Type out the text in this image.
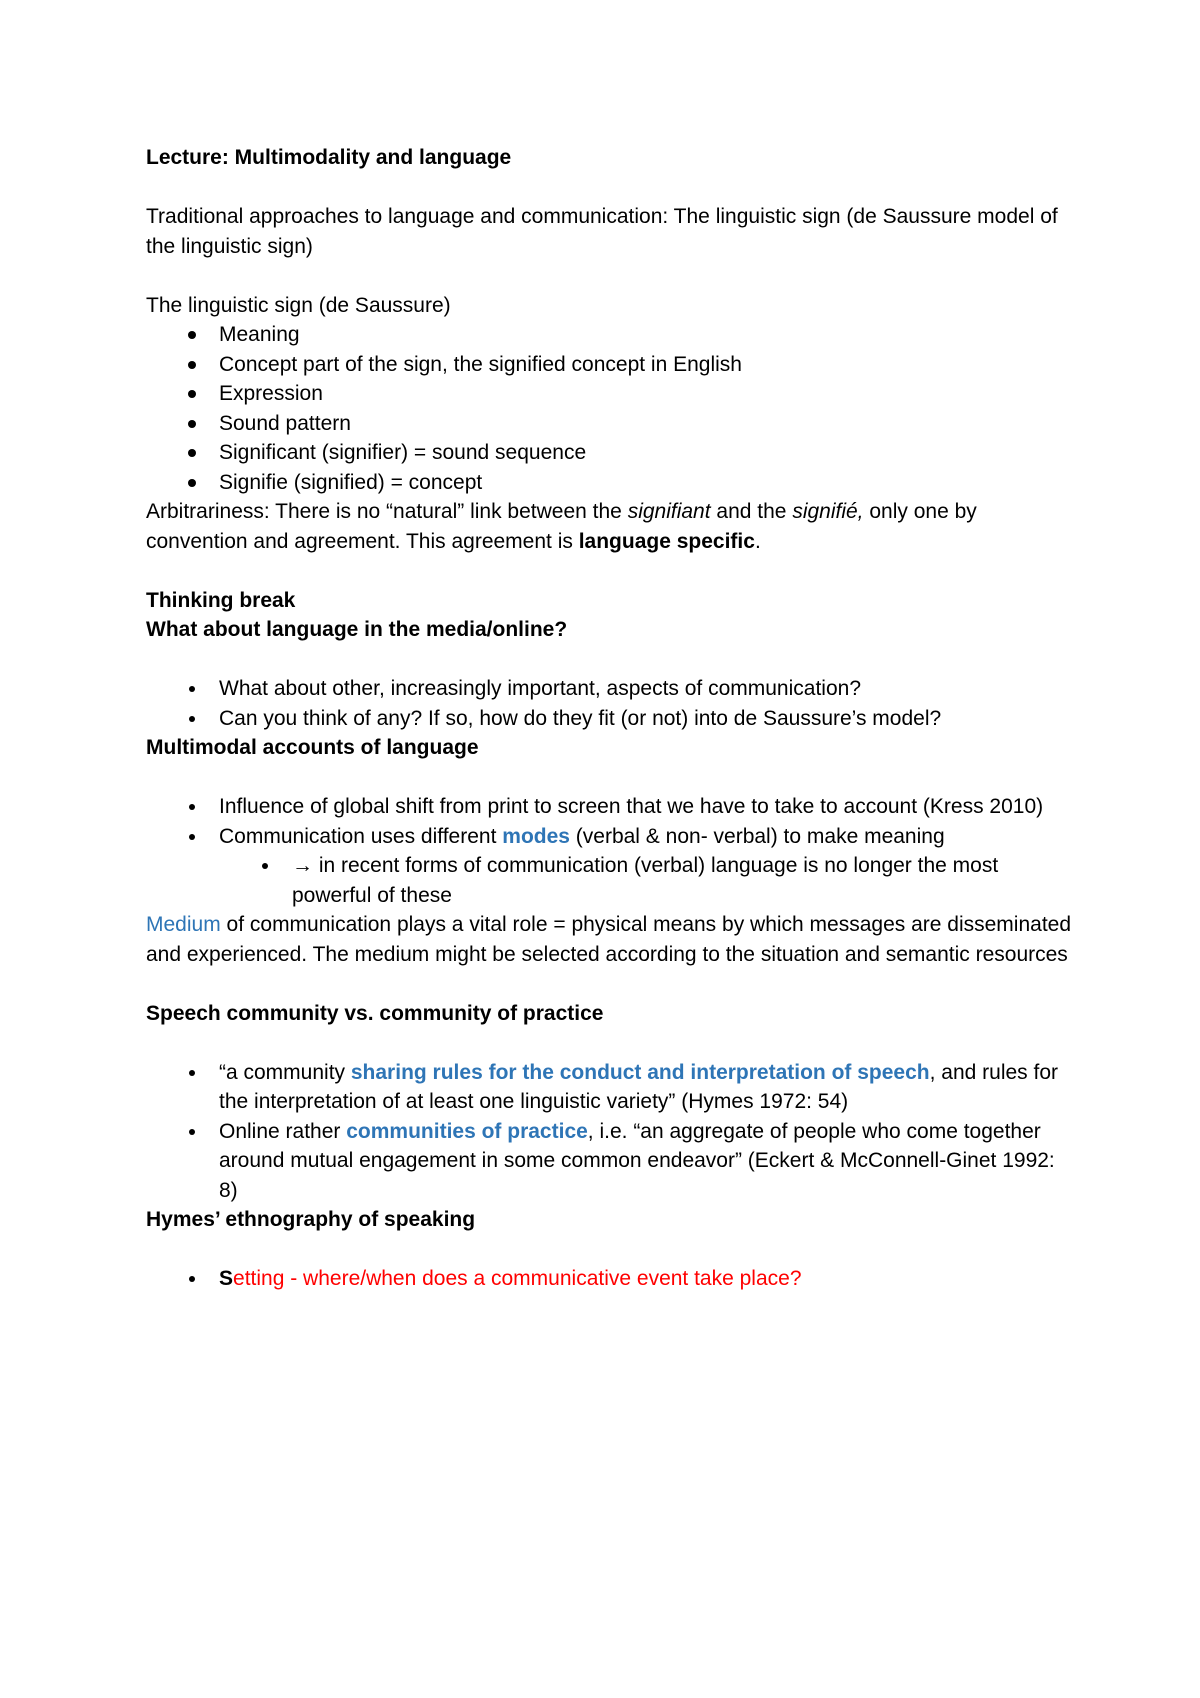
Lecture: Multimodality and language

Traditional approaches to language and communication: The linguistic sign (de Saussure model of the linguistic sign)

The linguistic sign (de Saussure)

Meaning
Concept part of the sign, the signified concept in English
Expression
Sound pattern
Significant (signifier) = sound sequence
Signifie (signified) = concept

Arbitrariness: There is no “natural” link between the signifiant and the signifié, only one by convention and agreement. This agreement is language specific.

Thinking break

What about language in the media/online?

What about other, increasingly important, aspects of communication?
Can you think of any? If so, how do they fit (or not) into de Saussure’s model?

Multimodal accounts of language

Influence of global shift from print to screen that we have to take to account (Kress 2010)
Communication uses different modes (verbal & non- verbal) to make meaning
→ in recent forms of communication (verbal) language is no longer the most powerful of these

Medium of communication plays a vital role = physical means by which messages are disseminated and experienced. The medium might be selected according to the situation and semantic resources

Speech community vs. community of practice

“a community sharing rules for the conduct and interpretation of speech, and rules for the interpretation of at least one linguistic variety” (Hymes 1972: 54)
Online rather communities of practice, i.e. “an aggregate of people who come together around mutual engagement in some common endeavor” (Eckert & McConnell-Ginet 1992: 8)

Hymes’ ethnography of speaking

Setting - where/when does a communicative event take place?
